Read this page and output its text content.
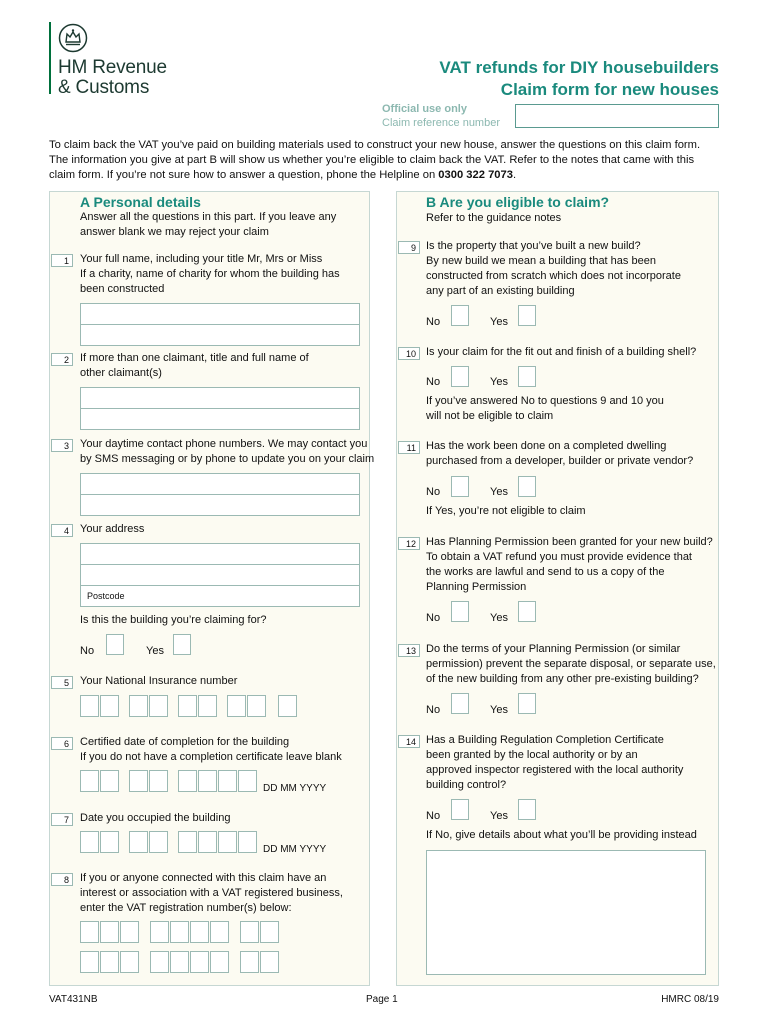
HM Revenue
& Customs
VAT refunds for DIY housebuilders
Claim form for new houses
Official use only
Claim reference number
To claim back the VAT you’ve paid on building materials used to construct your new house, answer the questions on this claim form. The information you give at part B will show us whether you’re eligible to claim back the VAT. Refer to the notes that came with this claim form. If you’re not sure how to answer a question, phone the Helpline on 0300 322 7073.
A Personal details
Answer all the questions in this part. If you leave any
answer blank we may reject your claim
1	Your full name, including your title Mr, Mrs or Miss
If a charity, name of charity for whom the building has
been constructed
2	If more than one claimant, title and full name of
other claimant(s)
3	Your daytime contact phone numbers. We may contact you
by SMS messaging or by phone to update you on your claim
4	Your address
Postcode
Is this the building you’re claiming for?
No	Yes
5	Your National Insurance number
6	Certified date of completion for the building
If you do not have a completion certificate leave blank
DD MM YYYY
7	Date you occupied the building
DD MM YYYY
8	If you or anyone connected with this claim have an
interest or association with a VAT registered business,
enter the VAT registration number(s) below:
B Are you eligible to claim?
Refer to the guidance notes
9 Is the property that you’ve built a new build?
By new build we mean a building that has been
constructed from scratch which does not incorporate
any part of an existing building
No	Yes
10 Is your claim for the fit out and finish of a building shell?
No	Yes
If you’ve answered No to questions 9 and 10 you
will not be eligible to claim
11 Has the work been done on a completed dwelling
purchased from a developer, builder or private vendor?
No	Yes
If Yes, you’re not eligible to claim
12 Has Planning Permission been granted for your new build?
To obtain a VAT refund you must provide evidence that
the works are lawful and send to us a copy of the
Planning Permission
No	Yes
13 Do the terms of your Planning Permission (or similar
permission) prevent the separate disposal, or separate use,
of the new building from any other pre-existing building?
No	Yes
14 Has a Building Regulation Completion Certificate
been granted by the local authority or by an
approved inspector registered with the local authority
building control?
No	Yes
If No, give details about what you’ll be providing instead
VAT431NB	Page 1	HMRC 08/19
